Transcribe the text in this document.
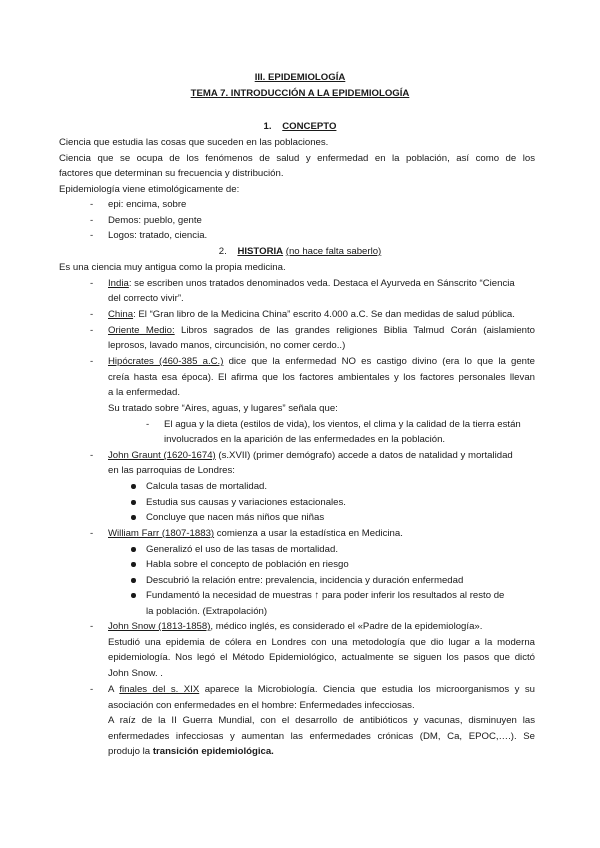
III. EPIDEMIOLOGÍA
TEMA 7. INTRODUCCIÓN A LA EPIDEMIOLOGÍA
1. CONCEPTO
Ciencia que estudia las cosas que suceden en las poblaciones.
Ciencia que se ocupa de los fenómenos de salud y enfermedad en la población, así como de los
factores que determinan su frecuencia y distribución.
Epidemiología viene etimológicamente de:
- epi: encima, sobre
- Demos: pueblo, gente
- Logos: tratado, ciencia.
2. HISTORIA (no hace falta saberlo)
Es una ciencia muy antigua como la propia medicina.
- India: se escriben unos tratados denominados veda. Destaca el Ayurveda en Sánscrito “Ciencia
del correcto vivir”.
- China: El “Gran libro de la Medicina China” escrito 4.000 a.C. Se dan medidas de salud pública.
- Oriente Medio: Libros sagrados de las grandes religiones Biblia Talmud Corán (aislamiento
leprosos, lavado manos, circuncisión, no comer cerdo..)
- Hipócrates (460-385 a.C.) dice que la enfermedad NO es castigo divino (era lo que la gente
creía hasta esa época). El afirma que los factores ambientales y los factores personales llevan
a la enfermedad.
Su tratado sobre “Aires, aguas, y lugares” señala que:
- El agua y la dieta (estilos de vida), los vientos, el clima y la calidad de la tierra están
involucrados en la aparición de las enfermedades en la población.
- John Graunt (1620-1674) (s.XVII) (primer demógrafo) accede a datos de natalidad y mortalidad
en las parroquias de Londres:
Calcula tasas de mortalidad.
Estudia sus causas y variaciones estacionales.
Concluye que nacen más niños que niñas
- William Farr (1807-1883) comienza a usar la estadística en Medicina.
Generalizó el uso de las tasas de mortalidad.
Habla sobre el concepto de población en riesgo
Descubrió la relación entre: prevalencia, incidencia y duración enfermedad
Fundamentó la necesidad de muestras ↑ para poder inferir los resultados al resto de
la población. (Extrapolación)
- John Snow (1813-1858), médico inglés, es considerado el «Padre de la epidemiología».
Estudió una epidemia de cólera en Londres con una metodología que dio lugar a la moderna
epidemiología. Nos legó el Método Epidemiológico, actualmente se siguen los pasos que dictó
John Snow. .
- A finales del s. XIX aparece la Microbiología. Ciencia que estudia los microorganismos y su
asociación con enfermedades en el hombre: Enfermedades infecciosas.
A raíz de la II Guerra Mundial, con el desarrollo de antibióticos y vacunas, disminuyen las
enfermedades infecciosas y aumentan las enfermedades crónicas (DM, Ca, EPOC,….). Se
produjo la transición epidemiológica.
